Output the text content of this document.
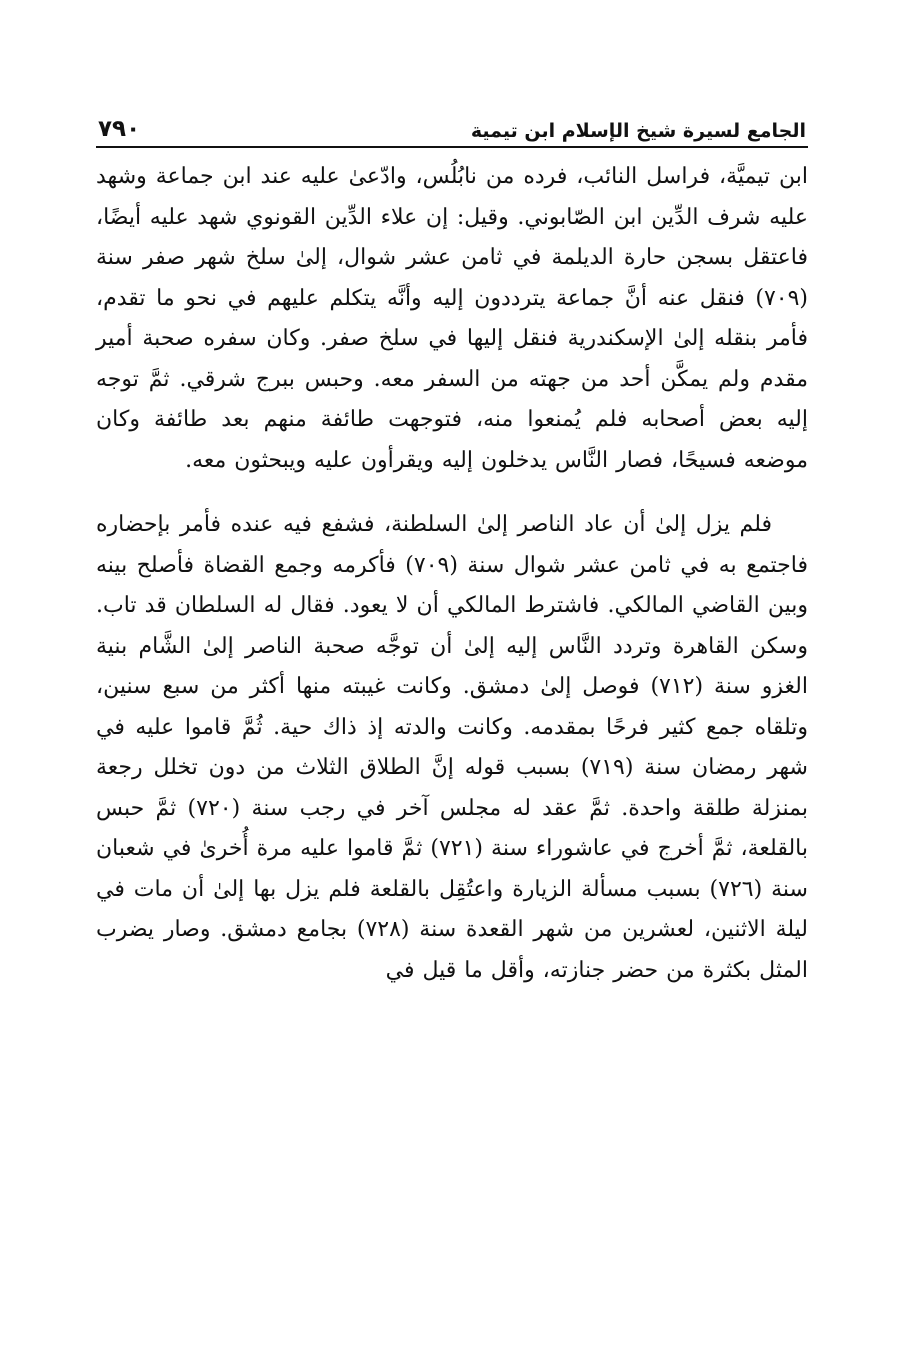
الجامع لسيرة شيخ الإسلام ابن تيمية
٧٩٠

ابن تيميَّة، فراسل النائب، فرده من نابُلُس، وادّعىٰ عليه عند ابن جماعة وشهد عليه شرف الدِّين ابن الصّابوني. وقيل: إن علاء الدِّين القونوي شهد عليه أيضًا، فاعتقل بسجن حارة الديلمة في ثامن عشر شوال، إلىٰ سلخ شهر صفر سنة (٧٠٩) فنقل عنه أنَّ جماعة يترددون إليه وأنَّه يتكلم عليهم في نحو ما تقدم، فأمر بنقله إلىٰ الإسكندرية فنقل إليها في سلخ صفر. وكان سفره صحبة أمير مقدم ولم يمكَّن أحد من جهته من السفر معه. وحبس ببرج شرقي. ثمَّ توجه إليه بعض أصحابه فلم يُمنعوا منه، فتوجهت طائفة منهم بعد طائفة وكان موضعه فسيحًا، فصار النَّاس يدخلون إليه ويقرأون عليه ويبحثون معه.

فلم يزل إلىٰ أن عاد الناصر إلىٰ السلطنة، فشفع فيه عنده فأمر بإحضاره فاجتمع به في ثامن عشر شوال سنة (٧٠٩) فأكرمه وجمع القضاة فأصلح بينه وبين القاضي المالكي. فاشترط المالكي أن لا يعود. فقال له السلطان قد تاب. وسكن القاهرة وتردد النَّاس إليه إلىٰ أن توجَّه صحبة الناصر إلىٰ الشَّام بنية الغزو سنة (٧١٢) فوصل إلىٰ دمشق. وكانت غيبته منها أكثر من سبع سنين، وتلقاه جمع كثير فرحًا بمقدمه. وكانت والدته إذ ذاك حية. ثُمَّ قاموا عليه في شهر رمضان سنة (٧١٩) بسبب قوله إنَّ الطلاق الثلاث من دون تخلل رجعة بمنزلة طلقة واحدة. ثمَّ عقد له مجلس آخر في رجب سنة (٧٢٠) ثمَّ حبس بالقلعة، ثمَّ أخرج في عاشوراء سنة (٧٢١) ثمَّ قاموا عليه مرة أُخرىٰ في شعبان سنة (٧٢٦) بسبب مسألة الزيارة واعتُقِل بالقلعة فلم يزل بها إلىٰ أن مات في ليلة الاثنين، لعشرين من شهر القعدة سنة (٧٢٨) بجامع دمشق. وصار يضرب المثل بكثرة من حضر جنازته، وأقل ما قيل في
